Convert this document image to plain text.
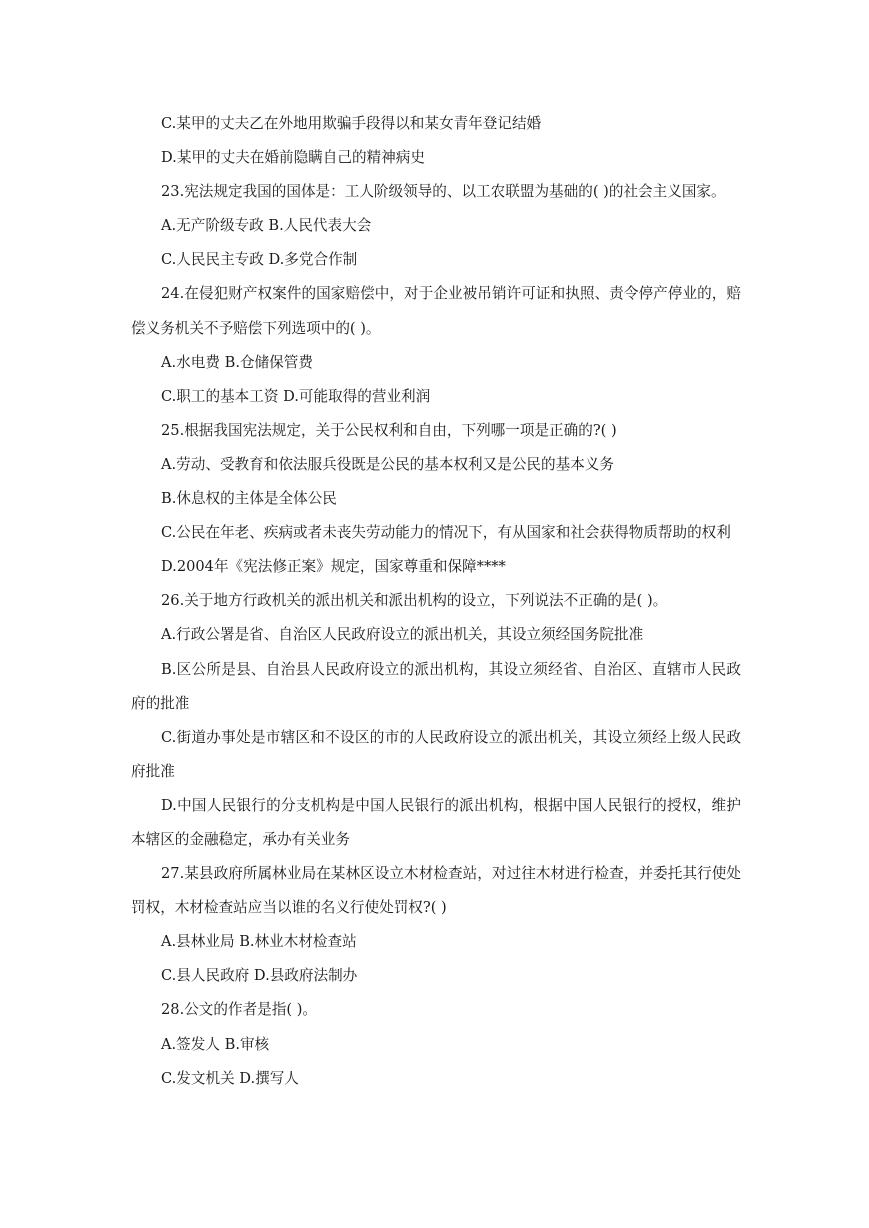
C.某甲的丈夫乙在外地用欺骗手段得以和某女青年登记结婚

D.某甲的丈夫在婚前隐瞒自己的精神病史

23.宪法规定我国的国体是：工人阶级领导的、以工农联盟为基础的( )的社会主义国家。

A.无产阶级专政 B.人民代表大会

C.人民民主专政 D.多党合作制

24.在侵犯财产权案件的国家赔偿中，对于企业被吊销许可证和执照、责令停产停业的，赔偿义务机关不予赔偿下列选项中的( )。

A.水电费 B.仓储保管费

C.职工的基本工资 D.可能取得的营业利润

25.根据我国宪法规定，关于公民权利和自由，下列哪一项是正确的?( )

A.劳动、受教育和依法服兵役既是公民的基本权利又是公民的基本义务

B.休息权的主体是全体公民

C.公民在年老、疾病或者未丧失劳动能力的情况下，有从国家和社会获得物质帮助的权利

D.2004年《宪法修正案》规定，国家尊重和保障****

26.关于地方行政机关的派出机关和派出机构的设立，下列说法不正确的是( )。

A.行政公署是省、自治区人民政府设立的派出机关，其设立须经国务院批准

B.区公所是县、自治县人民政府设立的派出机构，其设立须经省、自治区、直辖市人民政府的批准

C.街道办事处是市辖区和不设区的市的人民政府设立的派出机关，其设立须经上级人民政府批准

D.中国人民银行的分支机构是中国人民银行的派出机构，根据中国人民银行的授权，维护本辖区的金融稳定，承办有关业务

27.某县政府所属林业局在某林区设立木材检查站，对过往木材进行检查，并委托其行使处罚权，木材检查站应当以谁的名义行使处罚权?( )

A.县林业局 B.林业木材检查站

C.县人民政府 D.县政府法制办

28.公文的作者是指( )。

A.签发人 B.审核

C.发文机关 D.撰写人
